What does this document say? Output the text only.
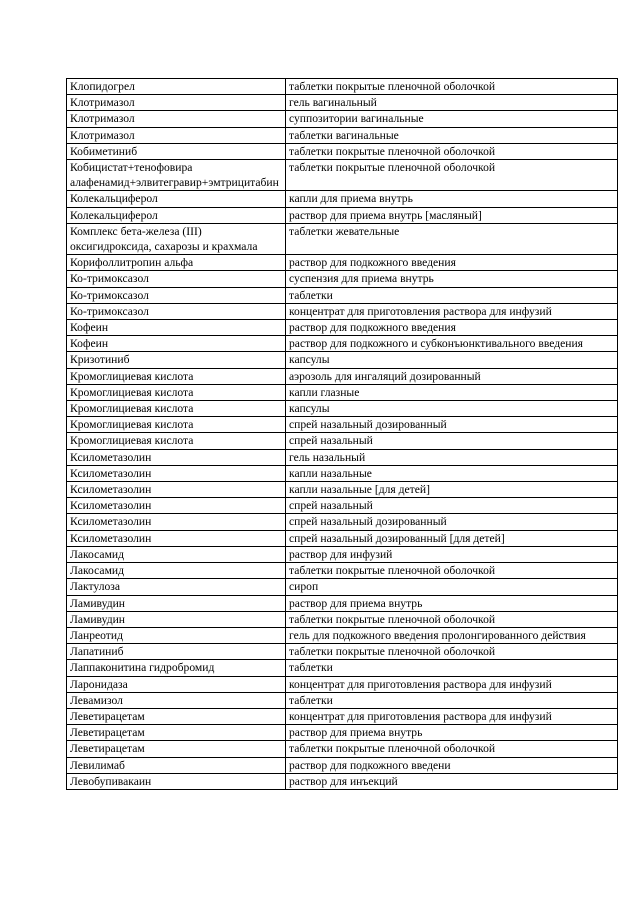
Клопидогрел	таблетки покрытые пленочной оболочкой
Клотримазол	гель вагинальный
Клотримазол	суппозитории вагинальные
Клотримазол	таблетки вагинальные
Кобиметиниб	таблетки покрытые пленочной оболочкой
Кобицистат+тенофовира алафенамид+элвитегравир+эмтрицитабин	таблетки покрытые пленочной оболочкой
Колекальциферол	капли для приема внутрь
Колекальциферол	раствор для приема внутрь [масляный]
Комплекс бета-железа (III) оксигидроксида, сахарозы и крахмала	таблетки жевательные
Корифоллитропин альфа	раствор для подкожного введения
Ко-тримоксазол	суспензия для приема внутрь
Ко-тримоксазол	таблетки
Ко-тримоксазол	концентрат для приготовления раствора для инфузий
Кофеин	раствор для подкожного введения
Кофеин	раствор для подкожного и субконъюнктивального введения
Кризотиниб	капсулы
Кромоглициевая кислота	аэрозоль для ингаляций дозированный
Кромоглициевая кислота	капли глазные
Кромоглициевая кислота	капсулы
Кромоглициевая кислота	спрей назальный дозированный
Кромоглициевая кислота	спрей назальный
Ксилометазолин	гель назальный
Ксилометазолин	капли назальные
Ксилометазолин	капли назальные [для детей]
Ксилометазолин	спрей назальный
Ксилометазолин	спрей назальный дозированный
Ксилометазолин	спрей назальный дозированный [для детей]
Лакосамид	раствор для инфузий
Лакосамид	таблетки покрытые пленочной оболочкой
Лактулоза	сироп
Ламивудин	раствор для приема внутрь
Ламивудин	таблетки покрытые пленочной оболочкой
Ланреотид	гель для подкожного введения пролонгированного действия
Лапатиниб	таблетки покрытые пленочной оболочкой
Лаппаконитина гидробромид	таблетки
Ларонидаза	концентрат для приготовления раствора для инфузий
Левамизол	таблетки
Леветирацетам	концентрат для приготовления раствора для инфузий
Леветирацетам	раствор для приема внутрь
Леветирацетам	таблетки покрытые пленочной оболочкой
Левилимаб	раствор для подкожного введени
Левобупивакаин	раствор для инъекций
